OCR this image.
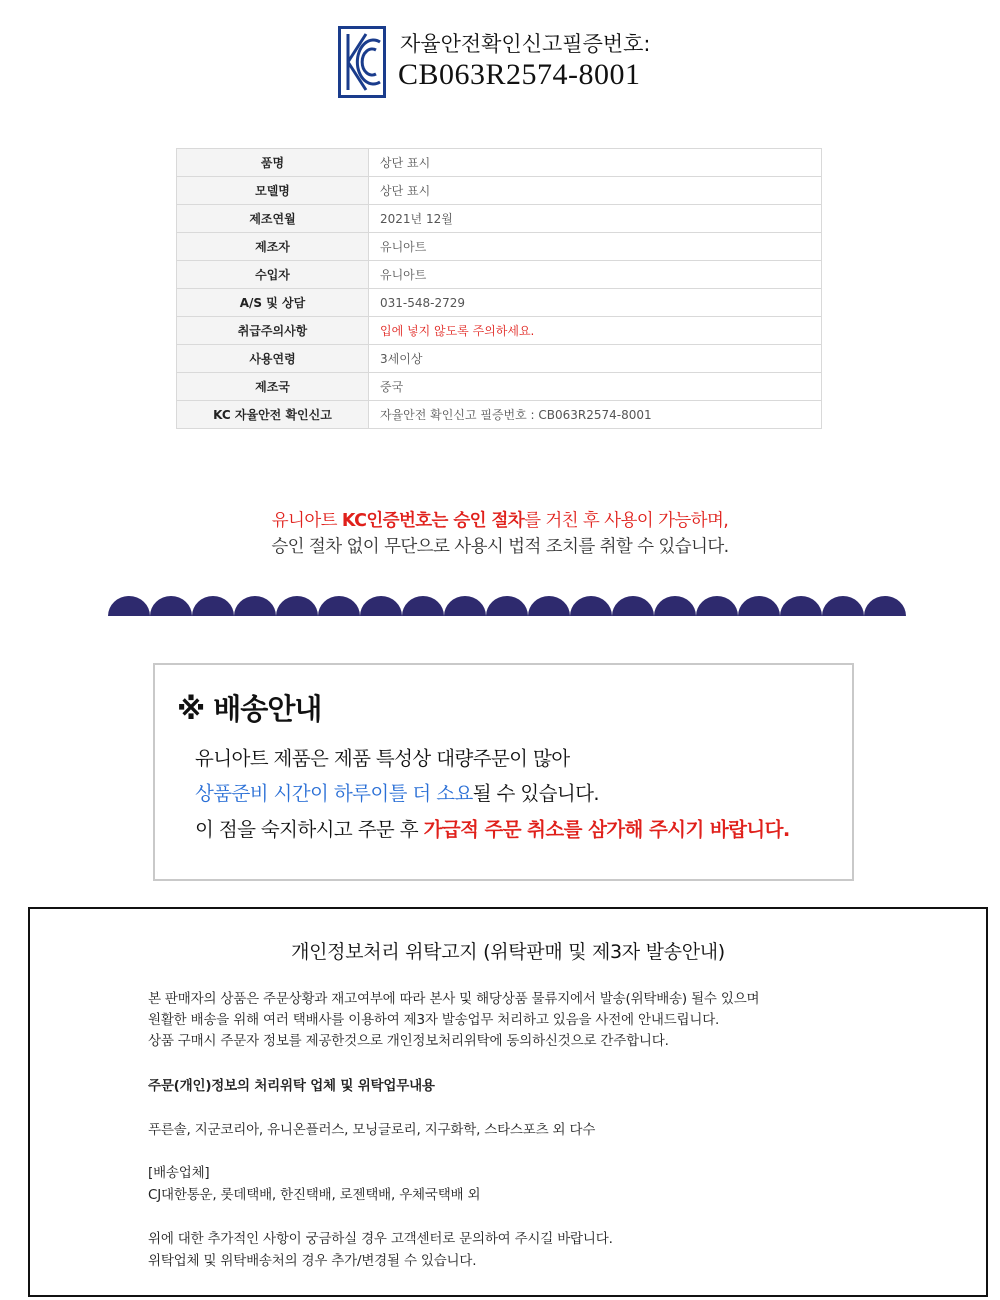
자율안전확인신고필증번호:
CB063R2574-8001
품명	상단 표시
모델명	상단 표시
제조연월	2021년 12월
제조자	유니아트
수입자	유니아트
A/S 및 상담	031-548-2729
취급주의사항	입에 넣지 않도록 주의하세요.
사용연령	3세이상
제조국	중국
KC 자율안전 확인신고	자율안전 확인신고 필증번호 : CB063R2574-8001
유니아트 KC인증번호는 승인 절차를 거친 후 사용이 가능하며,
승인 절차 없이 무단으로 사용시 법적 조치를 취할 수 있습니다.
※ 배송안내
유니아트 제품은 제품 특성상 대량주문이 많아
상품준비 시간이 하루이틀 더 소요될 수 있습니다.
이 점을 숙지하시고 주문 후 가급적 주문 취소를 삼가해 주시기 바랍니다.
개인정보처리 위탁고지 (위탁판매 및 제3자 발송안내)
본 판매자의 상품은 주문상황과 재고여부에 따라 본사 및 해당상품 물류지에서 발송(위탁배송) 될수 있으며
원활한 배송을 위해 여러 택배사를 이용하여 제3자 발송업무 처리하고 있음을 사전에 안내드립니다.
상품 구매시 주문자 정보를 제공한것으로 개인정보처리위탁에 동의하신것으로 간주합니다.
주문(개인)정보의 처리위탁 업체 및 위탁업무내용
푸른솔, 지군코리아, 유니온플러스, 모닝글로리, 지구화학, 스타스포츠 외 다수
[배송업체]
CJ대한통운, 롯데택배, 한진택배, 로젠택배, 우체국택배 외
위에 대한 추가적인 사항이 궁금하실 경우 고객센터로 문의하여 주시길 바랍니다.
위탁업체 및 위탁배송처의 경우 추가/변경될 수 있습니다.
